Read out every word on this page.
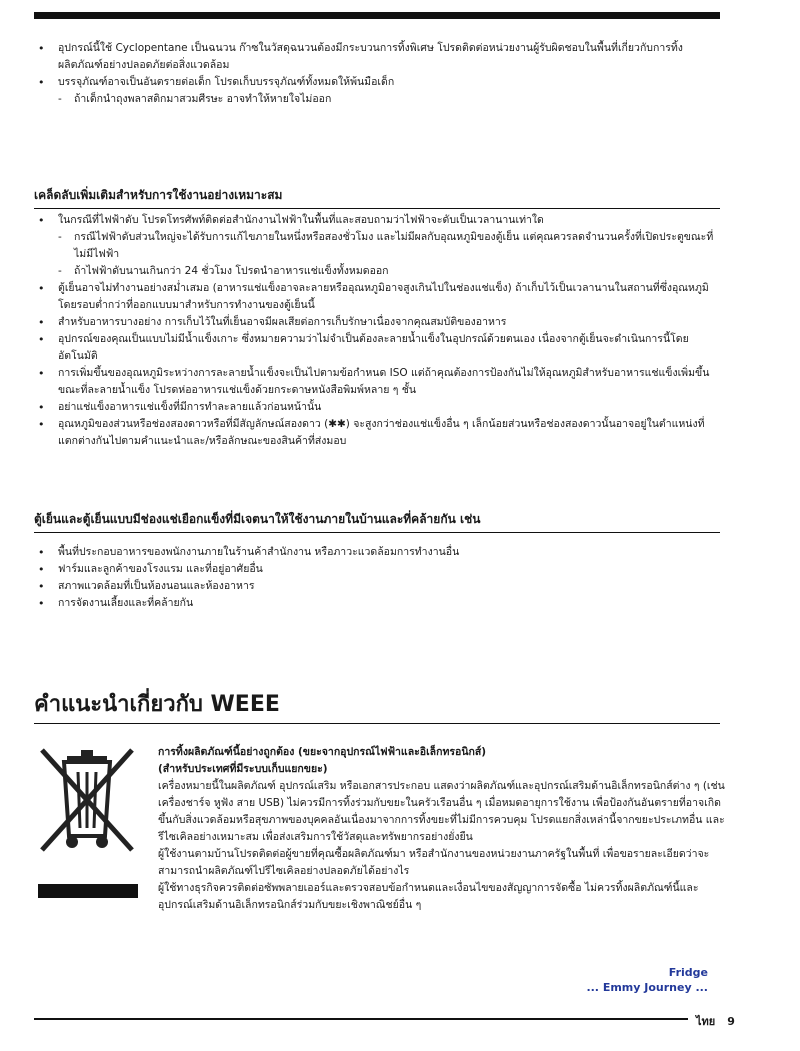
• อุปกรณ์นี้ใช้ Cyclopentane เป็นฉนวน ก๊าซในวัสดุฉนวนต้องมีกระบวนการทิ้งพิเศษ โปรดติดต่อหน่วยงานผู้รับผิดชอบในพื้นที่เกี่ยวกับการทิ้งผลิตภัณฑ์อย่างปลอดภัยต่อสิ่งแวดล้อม
• บรรจุภัณฑ์อาจเป็นอันตรายต่อเด็ก โปรดเก็บบรรจุภัณฑ์ทั้งหมดให้พ้นมือเด็ก
- ถ้าเด็กนำถุงพลาสติกมาสวมศีรษะ อาจทำให้หายใจไม่ออก
เคล็ดลับเพิ่มเติมสำหรับการใช้งานอย่างเหมาะสม
• ในกรณีที่ไฟฟ้าดับ โปรดโทรศัพท์ติดต่อสำนักงานไฟฟ้าในพื้นที่และสอบถามว่าไฟฟ้าจะดับเป็นเวลานานเท่าใด
- กรณีไฟฟ้าดับส่วนใหญ่จะได้รับการแก้ไขภายในหนึ่งหรือสองชั่วโมง และไม่มีผลกับอุณหภูมิของตู้เย็น แต่คุณควรลดจำนวนครั้งที่เปิดประตูขณะที่ไม่มีไฟฟ้า
- ถ้าไฟฟ้าดับนานเกินกว่า 24 ชั่วโมง โปรดนำอาหารแช่แข็งทั้งหมดออก
• ตู้เย็นอาจไม่ทำงานอย่างสม่ำเสมอ (อาหารแช่แข็งอาจละลายหรืออุณหภูมิอาจสูงเกินไปในช่องแช่แข็ง) ถ้าเก็บไว้เป็นเวลานานในสถานที่ซึ่งอุณหภูมิโดยรอบต่ำกว่าที่ออกแบบมาสำหรับการทำงานของตู้เย็นนี้
• สำหรับอาหารบางอย่าง การเก็บไว้ในที่เย็นอาจมีผลเสียต่อการเก็บรักษาเนื่องจากคุณสมบัติของอาหาร
• อุปกรณ์ของคุณเป็นแบบไม่มีน้ำแข็งเกาะ ซึ่งหมายความว่าไม่จำเป็นต้องละลายน้ำแข็งในอุปกรณ์ด้วยตนเอง เนื่องจากตู้เย็นจะดำเนินการนี้โดยอัตโนมัติ
• การเพิ่มขึ้นของอุณหภูมิระหว่างการละลายน้ำแข็งจะเป็นไปตามข้อกำหนด ISO แต่ถ้าคุณต้องการป้องกันไม่ให้อุณหภูมิสำหรับอาหารแช่แข็งเพิ่มขึ้นขณะที่ละลายน้ำแข็ง โปรดห่ออาหารแช่แข็งด้วยกระดาษหนังสือพิมพ์หลาย ๆ ชั้น
• อย่าแช่แข็งอาหารแช่แข็งที่มีการทำละลายแล้วก่อนหน้านั้น
• อุณหภูมิของส่วนหรือช่องสองดาวหรือที่มีสัญลักษณ์สองดาว (✱✱) จะสูงกว่าช่องแช่แข็งอื่น ๆ เล็กน้อยส่วนหรือช่องสองดาวนั้นอาจอยู่ในตำแหน่งที่แตกต่างกันไปตามคำแนะนำและ/หรือลักษณะของสินค้าที่ส่งมอบ
ตู้เย็นและตู้เย็นแบบมีช่องแช่เยือกแข็งที่มีเจตนาให้ใช้งานภายในบ้านและที่คล้ายกัน เช่น
• พื้นที่ประกอบอาหารของพนักงานภายในร้านค้าสำนักงาน หรือภาวะแวดล้อมการทำงานอื่น
• ฟาร์มและลูกค้าของโรงแรม และที่อยู่อาศัยอื่น
• สภาพแวดล้อมที่เป็นห้องนอนและห้องอาหาร
• การจัดงานเลี้ยงและที่คล้ายกัน
คำแนะนำเกี่ยวกับ WEEE

การทิ้งผลิตภัณฑ์นี้อย่างถูกต้อง (ขยะจากอุปกรณ์ไฟฟ้าและอิเล็กทรอนิกส์)

(สำหรับประเทศที่มีระบบเก็บแยกขยะ)

เครื่องหมายนี้ในผลิตภัณฑ์ อุปกรณ์เสริม หรือเอกสารประกอบ แสดงว่าผลิตภัณฑ์และอุปกรณ์เสริมด้านอิเล็กทรอนิกส์ต่าง ๆ (เช่น เครื่องชาร์จ หูฟัง สาย USB) ไม่ควรมีการทิ้งร่วมกับขยะในครัวเรือนอื่น ๆ เมื่อหมดอายุการใช้งาน เพื่อป้องกันอันตรายที่อาจเกิดขึ้นกับสิ่งแวดล้อมหรือสุขภาพของบุคคลอันเนื่องมาจากการทิ้งขยะที่ไม่มีการควบคุม โปรดแยกสิ่งเหล่านี้จากขยะประเภทอื่น และรีไซเคิลอย่างเหมาะสม เพื่อส่งเสริมการใช้วัสดุและทรัพยากรอย่างยั่งยืน

ผู้ใช้งานตามบ้านโปรดติดต่อผู้ขายที่คุณซื้อผลิตภัณฑ์มา หรือสำนักงานของหน่วยงานภาครัฐในพื้นที่ เพื่อขอรายละเอียดว่าจะสามารถนำผลิตภัณฑ์ไปรีไซเคิลอย่างปลอดภัยได้อย่างไร

ผู้ใช้ทางธุรกิจควรติดต่อซัพพลายเออร์และตรวจสอบข้อกำหนดและเงื่อนไขของสัญญาการจัดซื้อ ไม่ควรทิ้งผลิตภัณฑ์นี้และอุปกรณ์เสริมด้านอิเล็กทรอนิกส์ร่วมกับขยะเชิงพาณิชย์อื่น ๆ

Fridge
... Emmy Journey ...
ไทย 9
